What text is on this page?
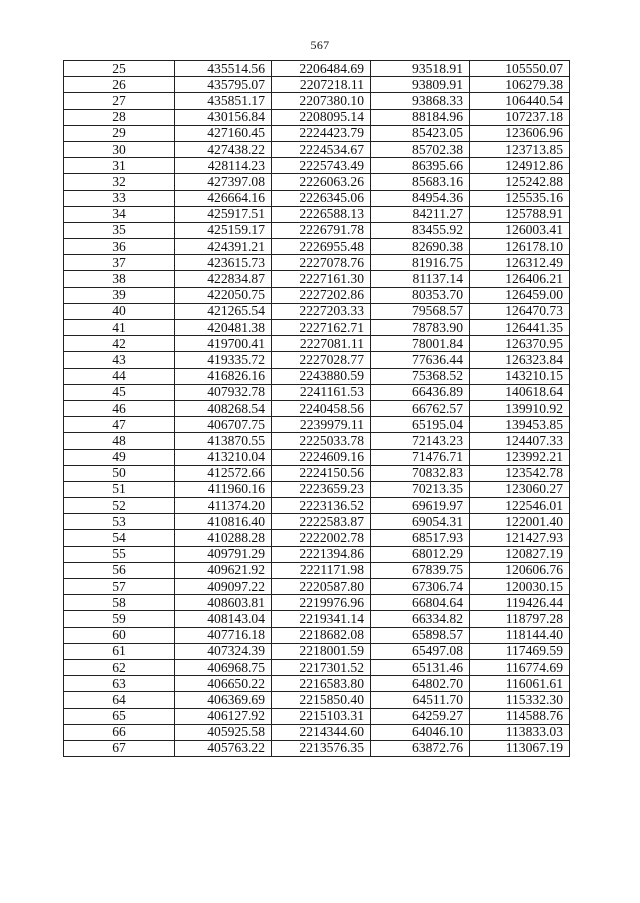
567
25	435514.56	2206484.69	93518.91	105550.07
26	435795.07	2207218.11	93809.91	106279.38
27	435851.17	2207380.10	93868.33	106440.54
28	430156.84	2208095.14	88184.96	107237.18
29	427160.45	2224423.79	85423.05	123606.96
30	427438.22	2224534.67	85702.38	123713.85
31	428114.23	2225743.49	86395.66	124912.86
32	427397.08	2226063.26	85683.16	125242.88
33	426664.16	2226345.06	84954.36	125535.16
34	425917.51	2226588.13	84211.27	125788.91
35	425159.17	2226791.78	83455.92	126003.41
36	424391.21	2226955.48	82690.38	126178.10
37	423615.73	2227078.76	81916.75	126312.49
38	422834.87	2227161.30	81137.14	126406.21
39	422050.75	2227202.86	80353.70	126459.00
40	421265.54	2227203.33	79568.57	126470.73
41	420481.38	2227162.71	78783.90	126441.35
42	419700.41	2227081.11	78001.84	126370.95
43	419335.72	2227028.77	77636.44	126323.84
44	416826.16	2243880.59	75368.52	143210.15
45	407932.78	2241161.53	66436.89	140618.64
46	408268.54	2240458.56	66762.57	139910.92
47	406707.75	2239979.11	65195.04	139453.85
48	413870.55	2225033.78	72143.23	124407.33
49	413210.04	2224609.16	71476.71	123992.21
50	412572.66	2224150.56	70832.83	123542.78
51	411960.16	2223659.23	70213.35	123060.27
52	411374.20	2223136.52	69619.97	122546.01
53	410816.40	2222583.87	69054.31	122001.40
54	410288.28	2222002.78	68517.93	121427.93
55	409791.29	2221394.86	68012.29	120827.19
56	409621.92	2221171.98	67839.75	120606.76
57	409097.22	2220587.80	67306.74	120030.15
58	408603.81	2219976.96	66804.64	119426.44
59	408143.04	2219341.14	66334.82	118797.28
60	407716.18	2218682.08	65898.57	118144.40
61	407324.39	2218001.59	65497.08	117469.59
62	406968.75	2217301.52	65131.46	116774.69
63	406650.22	2216583.80	64802.70	116061.61
64	406369.69	2215850.40	64511.70	115332.30
65	406127.92	2215103.31	64259.27	114588.76
66	405925.58	2214344.60	64046.10	113833.03
67	405763.22	2213576.35	63872.76	113067.19
